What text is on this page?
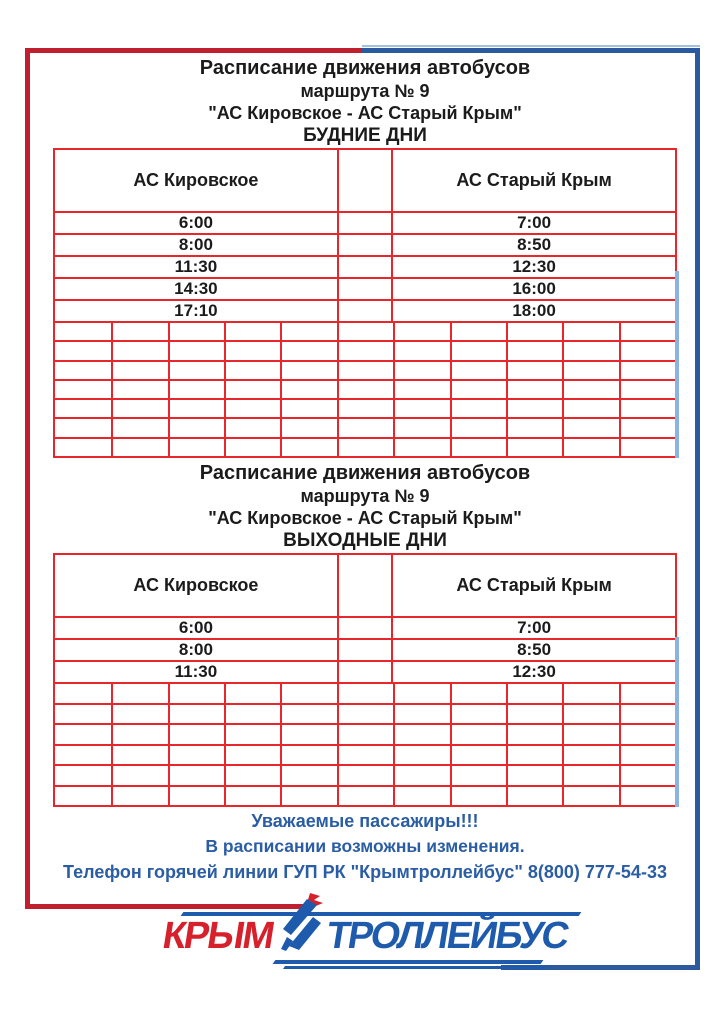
Расписание движения автобусов
маршрута № 9
"АС Кировское - АС Старый Крым"
БУДНИЕ ДНИ
АС Кировское	АС Старый Крым
6:00	7:00
8:00	8:50
11:30	12:30
14:30	16:00
17:10	18:00
Расписание движения автобусов
маршрута № 9
"АС Кировское - АС Старый Крым"
ВЫХОДНЫЕ ДНИ
АС Кировское	АС Старый Крым
6:00	7:00
8:00	8:50
11:30	12:30
Уважаемые пассажиры!!!
В расписании возможны изменения.
Телефон горячей линии ГУП РК "Крымтроллейбус" 8(800) 777-54-33
КРЫМ ТРОЛЛЕЙБУС
